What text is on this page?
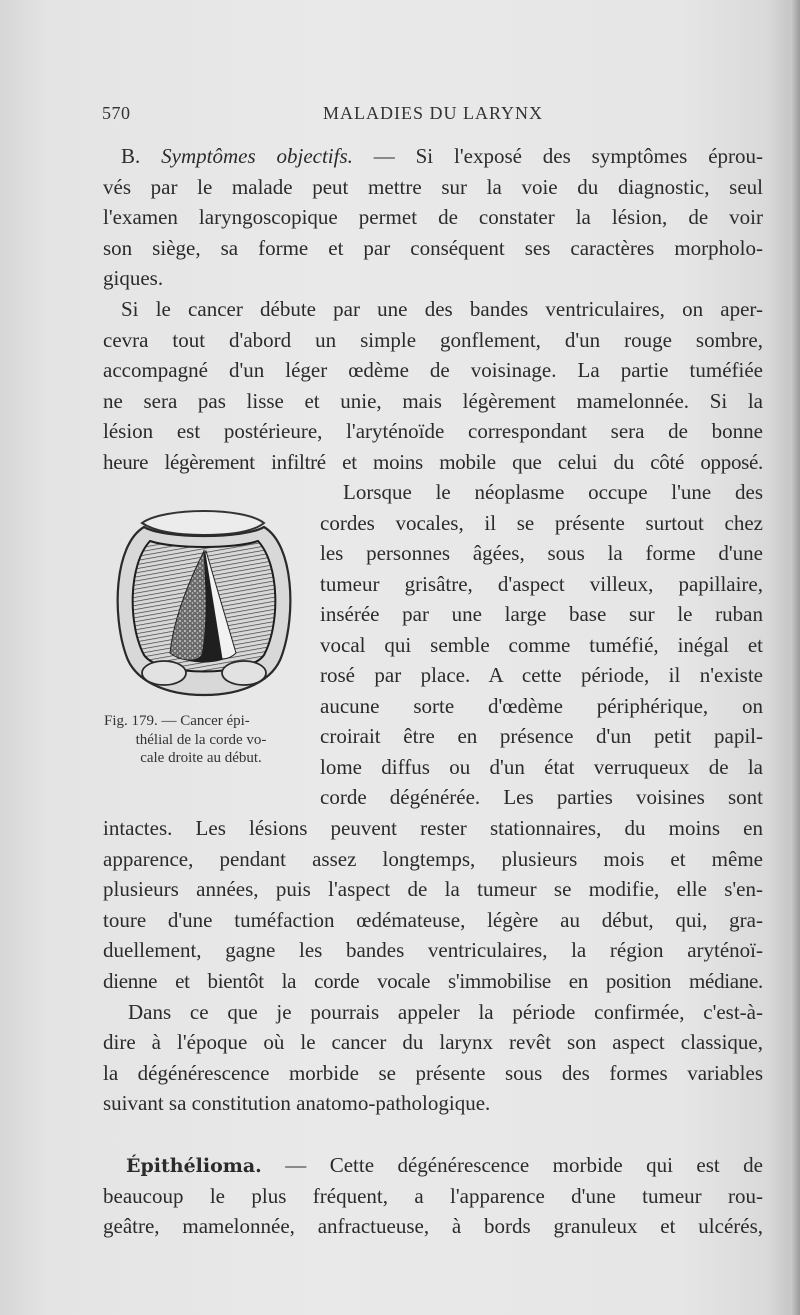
570	MALADIES DU LARYNX
B. Symptômes objectifs. — Si l'exposé des symptômes éprou-
vés par le malade peut mettre sur la voie du diagnostic, seul
l'examen laryngoscopique permet de constater la lésion, de voir
son siège, sa forme et par conséquent ses caractères morpholo-
giques.
Si le cancer débute par une des bandes ventriculaires, on aper-
cevra tout d'abord un simple gonflement, d'un rouge sombre,
accompagné d'un léger œdème de voisinage. La partie tuméfiée
ne sera pas lisse et unie, mais légèrement mamelonnée. Si la
lésion est postérieure, l'aryténoïde correspondant sera de bonne
heure légèrement infiltré et moins mobile que celui du côté opposé.
Lorsque le néoplasme occupe l'une des
cordes vocales, il se présente surtout chez
les personnes âgées, sous la forme d'une
tumeur grisâtre, d'aspect villeux, papillaire,
insérée par une large base sur le ruban
vocal qui semble comme tuméfié, inégal et
rosé par place. A cette période, il n'existe
aucune sorte d'œdème périphérique, on
croirait être en présence d'un petit papil-
lome diffus ou d'un état verruqueux de la
corde dégénérée. Les parties voisines sont
intactes. Les lésions peuvent rester stationnaires, du moins en
apparence, pendant assez longtemps, plusieurs mois et même
plusieurs années, puis l'aspect de la tumeur se modifie, elle s'en-
toure d'une tuméfaction œdémateuse, légère au début, qui, gra-
duellement, gagne les bandes ventriculaires, la région aryténoï-
dienne et bientôt la corde vocale s'immobilise en position médiane.
Dans ce que je pourrais appeler la période confirmée, c'est-à-
dire à l'époque où le cancer du larynx revêt son aspect classique,
la dégénérescence morbide se présente sous des formes variables
suivant sa constitution anatomo-pathologique.
Épithélioma. — Cette dégénérescence morbide qui est de
beaucoup le plus fréquent, a l'apparence d'une tumeur rou-
geâtre, mamelonnée, anfractueuse, à bords granuleux et ulcérés,
Fig. 179. — Cancer épi-
thélial de la corde vo-
cale droite au début.
